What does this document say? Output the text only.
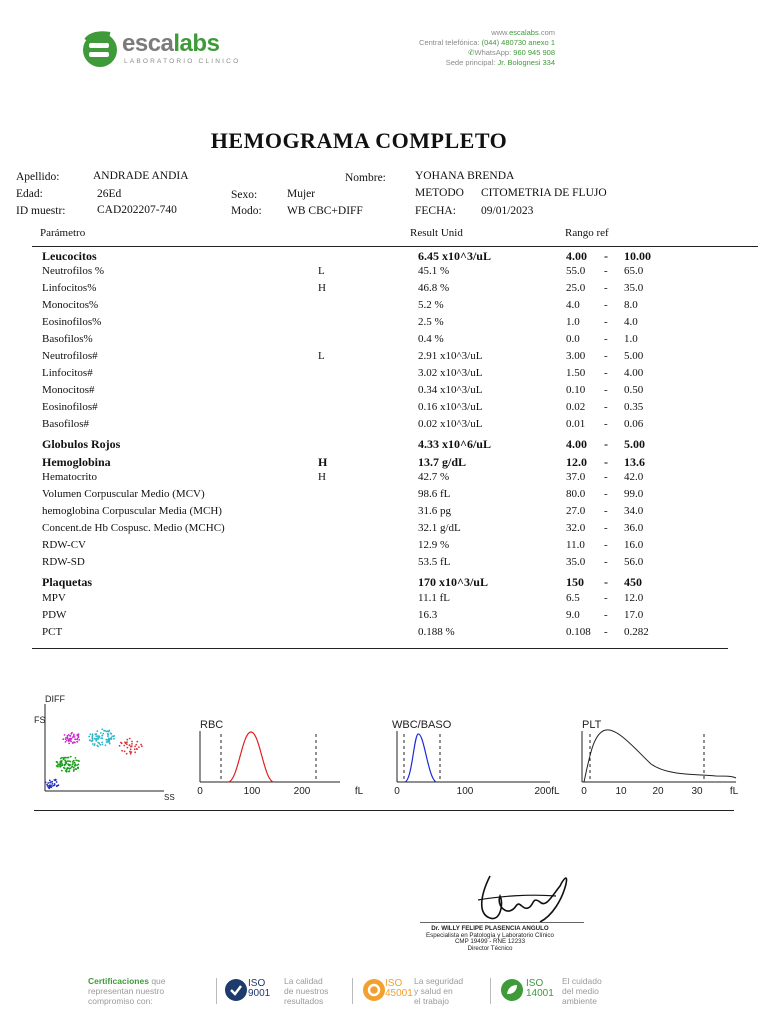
escalabs
LABORATORIO CLINICO
www.escalabs.com
Central telefónica: (044) 480730 anexo 1
✆WhatsApp: 960 945 908
Sede principal: Jr. Bolognesi 334
HEMOGRAMA COMPLETO
Apellido:	ANDRADE ANDIA	Nombre:	YOHANA BRENDA
Edad:	26Ed	Sexo:	Mujer	METODO CITOMETRIA DE FLUJO
ID muestr:	CAD202207-740	Modo: WB CBC+DIFF	FECHA: 09/01/2023
Parámetro	Result Unid	Rango ref
Leucocitos	6.45 x10^3/uL	4.00 - 10.00
Neutrofilos %	L	45.1 %	55.0 - 65.0
Linfocitos%	H	46.8 %	25.0 - 35.0
Monocitos%	5.2 %	4.0 - 8.0
Eosinofilos%	2.5 %	1.0 - 4.0
Basofilos%	0.4 %	0.0 - 1.0
Neutrofilos#	L	2.91 x10^3/uL	3.00 - 5.00
Linfocitos#	3.02 x10^3/uL	1.50 - 4.00
Monocitos#	0.34 x10^3/uL	0.10 - 0.50
Eosinofilos#	0.16 x10^3/uL	0.02 - 0.35
Basofilos#	0.02 x10^3/uL	0.01 - 0.06
Globulos Rojos	4.33 x10^6/uL	4.00 - 5.00
Hemoglobina	H	13.7 g/dL	12.0 - 13.6
Hematocrito	H	42.7 %	37.0 - 42.0
Volumen Corpuscular Medio (MCV)	98.6 fL	80.0 - 99.0
hemoglobina Corpuscular Media (MCH)	31.6 pg	27.0 - 34.0
Concent.de Hb Cospusc. Medio (MCHC)	32.1 g/dL	32.0 - 36.0
RDW-CV	12.9 %	11.0 - 16.0
RDW-SD	53.5 fL	35.0 - 56.0
Plaquetas	170 x10^3/uL	150 - 450
MPV	11.1 fL	6.5 - 12.0
PDW	16.3	9.0 - 17.0
PCT	0.188 %	0.108 - 0.282
DIFF
FS
SS
RBC
0	100	200	fL
WBC/BASO
0	100	200fL
PLT
0	10	20	30	fL
Dr. WILLY FELIPE PLASENCIA ANGULO
Especialista en Patología y Laboratorio Clínico
CMP 19499 - RNE 12233
Director Técnico
Certificaciones que
representan nuestro
compromiso con:
ISO
9001
La calidad
de nuestros
resultados
ISO
45001
La seguridad
y salud en
el trabajo
ISO
14001
El cuidado
del medio
ambiente
